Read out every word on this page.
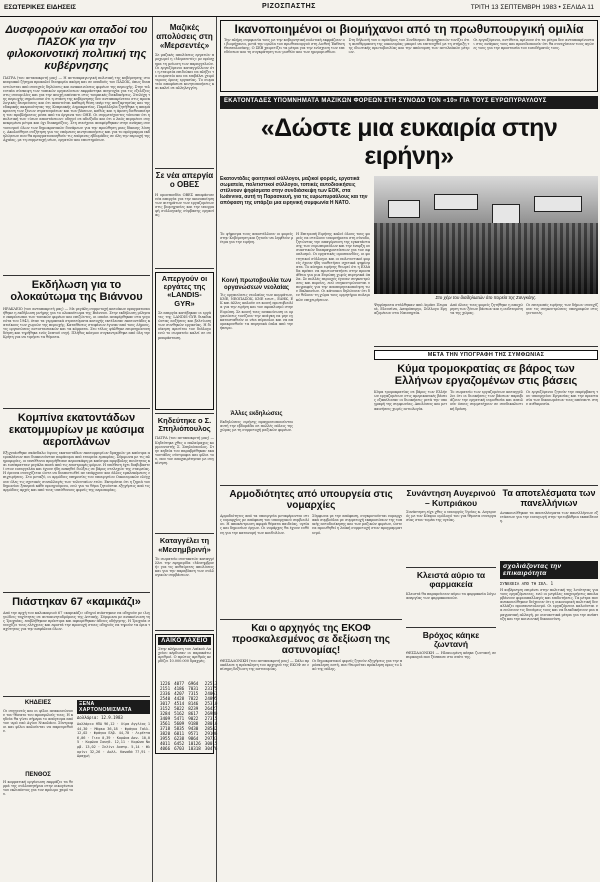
ΕΣΩΤΕΡΙΚΕΣ ΕΙΔΗΣΕΙΣ	ΡΙΖΟΣΠΑΣΤΗΣ	ΤΡΙΤΗ 13 ΣΕΠΤΕΜΒΡΗ 1983 • ΣΕΛΙΔΑ 11
Δυσφορούν και οπαδοί του ΠΑΣΟΚ για την φιλοκοινοτική πολιτική της κυβέρνησης
ΠΑΤΡΑ (του ανταποκριτή μας) — Η αντιπαραγωγική πολιτική της κυβέρνησης στο κυπριακό ζήτημα προκαλεί δυσφορία ακόμη και σε οπαδούς του ΠΑΣΟΚ, όπως διαπιστώνεται από συνεχείς δηλώσεις και ανακοινώσεις φορέων της περιοχής. Στην τελευταία σύσκεψη των τοπικών οργανώσεων εκφράστηκε ανησυχία για τις εξελίξεις στις συνομιλίες και για την ανοχή απέναντι στις τουρκικές διεκδικήσεις. Στελέχη της περιοχής σημείωσαν ότι η στάση της κυβέρνησης δεν ανταποκρίνεται στις προεκλογικές δεσμεύσεις και ότι απαιτείται καθαρή θέση υπέρ της ανεξαρτησίας και της εδαφικής ακεραιότητας της Κυπριακής Δημοκρατίας. Παράλληλα ζητήθηκε η απομάκρυνση των ξένων στρατευμάτων και των βάσεων, καθώς και η άμεση διεθνοποίηση του προβλήματος μέσα από τα όργανα του ΟΗΕ. Οι συμμετέχοντες τόνισαν ότι η πολιτική των «ίσων αποστάσεων» οδηγεί σε αδιέξοδο και ότι ο λαός περιμένει συγκεκριμένα μέτρα και όχι διακηρύξεις. Στη συνέχεια αναφέρθηκαν στην ανάγκη συντονισμού όλων των δημοκρατικών δυνάμεων για την προώθηση μιας δίκαιης λύσης. Ακολούθησε συζήτηση για τις επόμενες κινητοποιήσεις και για το πρόγραμμα εκδηλώσεων που θα πραγματοποιηθούν τις επόμενες εβδομάδες σε όλη την περιοχή της Αχαΐας, με τη συμμετοχή νέων, εργατών και επιστημόνων.
Εκδήλωση για το ολοκαύτωμα της Βιάννου
ΗΡΑΚΛΕΙΟ (του ανταποκριτή μας) — Με μεγάλη συμμετοχή κατοίκων πραγματοποιήθηκε η εκδήλωση μνήμης για το ολοκαύτωμα της Βιάννου. Στην εκδήλωση μίλησαν εκπρόσωποι των τοπικών φορέων και επιζώντες, οι οποίοι αναφέρθηκαν στα γεγονότα του 1943, όταν τα γερμανικά στρατεύματα κατοχής εκτέλεσαν εκατοντάδες κατοίκους των χωριών της περιοχής. Καταθέσεις στεφάνων έγιναν από τους Δήμους, τις οργανώσεις αντιστασιακών και τα κόμματα. Στο τέλος ψάλθηκε επιμνημόσυνη δέηση και τηρήθηκε ενός λεπτού σιγή. Πλήθος κόσμου συγκεντρώθηκε από όλη την Κρήτη για να τιμήσει τα θύματα.
Κομπίνα εκατοντάδων εκατομμυρίων με καύσιμα αεροπλάνων
Εξιχνιάσθηκε σκάνδαλο ύψους εκατοντάδων εκατομμυρίων δραχμών με καύσιμα αεροπλάνων που διακινούνταν παράνομα από εταιρεία εμπορίας. Σύμφωνα με τις πληροφορίες, οι υπεύθυνοι προμήθευαν αεροσκάφη με καύσιμα αμφίβολης ποιότητας και εισέπρατταν μεγάλα ποσά από τις επιστροφές φόρων. Η υπόθεση έχει διαβιβαστεί στον εισαγγελέα και έχουν ήδη ασκηθεί διώξεις σε βάρος στελεχών της εταιρείας. Η έρευνα συνεχίζεται ώστε να διαπιστωθεί αν υπάρχουν και άλλες εμπλεκόμενες επιχειρήσεις. Στο μεταξύ, οι αρμόδιες υπηρεσίες του υπουργείου Οικονομικών ελέγχουν όλες τις σχετικές συναλλαγές των τελευταίων ετών. Εκτιμάται ότι η ζημιά του δημοσίου ξεπερνά κάθε προηγούμενο, ενώ για το θέμα ζητούνται εξηγήσεις από τις αρμόδιες αρχές και από τους υπεύθυνους φορείς της αεροπορίας.
Πιάστηκαν 67 «καμικάζι»
Από την αρχή του καλοκαιριού 67 «καμικάζι» οδηγοί πιάστηκαν να οδηγούν με ιλιγγιώδεις ταχύτητες σε αυτοκινητοδρόμους της Αττικής. Σύμφωνα με ανακοίνωση της Τροχαίας, επιβλήθηκαν πρόστιμα και αφαιρέθηκαν άδειες οδήγησης. Η Τροχαία συνεχίζει τους ελέγχους και εφιστά την προσοχή στους οδηγούς να τηρούν τα όρια ταχύτητας για την ασφάλεια όλων.
ΚΗΔΕΙΕΣ
Οι συγγενείς και οι φίλοι ανακοινώνουν τον θάνατο του προσφιλούς τους. Η κηδεία θα γίνει σήμερα το απόγευμα από τον ιερό ναό Αγίου Νικολάου. Σύντροφοι και φίλοι καλούνται να παρευρεθούν.
ΠΕΝΘΟΣ
Η κομματική οργάνωση εκφράζει τα θερμά της συλλυπητήρια στην οικογένεια του εκλιπόντος για τον πρόωρο χαμό του.
ΞΕΝΑ ΧΑΡΤΟΝΟΜΙΣΜΑΤΑ
Δολλάρια: 12.9.1983
Δολλάριο ΗΠΑ 96,12 · Λίρα Αγγλίας 144,30 · Μάρκο 36,18 · Φράγκο Γαλλ. 12,02 · Φράγκο Ελβ. 44,70 · Λιρέττα 6,06 · Γιεν 0,39 · Κορώνα Δαν. 10,05 · Κορώνα Σουηδ. 12,11 · Κορώνα Νορβ. 13,02 · Σελίνι Αυστρ. 5,14 · Φλορίνι 32,26 · Δολλ. Καναδά 77,91 · Δραχμή
Μαζικές απολύσεις στη «Μερσεντές»
Σε μαζικές απολύσεις εργατών προχωρεί η «Μερσεντές» με πρόσχημα τη μείωση των παραγγελιών. Οι εργαζόμενοι καταγγέλλουν ότι η εταιρεία επιδιώκει να πλήξει το σωματείο και να επιβάλει χειρότερους όρους εργασίας. Το σωματείο αποφάσισε κινητοποιήσεις και καλεί σε αλληλεγγύη.
Σε νέα απεργία ο ΟΒΕΣ
Η ομοσπονδία ΟΒΕΣ αποφάσισε νέα απεργία για την ικανοποίηση των αιτημάτων των εργαζομένων στις βιομηχανίες και την υπογραφή συλλογικής σύμβασης εργασίας.
Απεργούν οι εργάτες της «LANDIS-GYR»
Σε απεργία κατέβηκαν οι εργάτες της LANDIS-GYR διεκδικώντας αυξήσεις και βελτίωση των συνθηκών εργασίας. Η διοίκηση αρνείται τον διάλογο ενώ το σωματείο καλεί σε συμπαράσταση.
Κηδεύτηκε ο Σ. Σπηλιόπουλος
ΠΑΤΡΑ (του ανταποκριτή μας) — Κηδεύτηκε χθες ο παλαίμαχος κομμουνιστής Σ. Σπηλιόπουλος. Στην κηδεία του παραβρέθηκαν εκατοντάδες σύντροφοι και φίλοι του, που τον αποχαιρέτησαν με συγκίνηση.
Καταγγέλει τη «Μεσημβρινή»
Το σωματείο συντακτών καταγγέλλει την εφημερίδα «Μεσημβρινή» για τις αυθαίρετες απολύσεις και για την παραβίαση των συλλογικών συμβάσεων.
ΛΑΪΚΟ ΛΑΧΕΙΟ
Στην κλήρωση του Λαϊκού Λαχείου κέρδισαν οι παρακάτω αριθμοί. Ο πρώτος αριθμός κερδίζει 10.000.000 δραχμές.
1226	4077	6964	22513
2151	4186	7031	23175
2336	4207	7315	24061
2540	4428	7822	24895
3017	4514	8146	25310
3152	5022	8239	26427
3284	5162	8617	26980
3409	5471	9022	27315
3561	5609	9188	28016
3718	5835	9430	28542
3820	6011	9571	29106
3955	6238	9864	29733
4011	6452	10126	30015
4066	6703	10318	30476
Ικανοποιημένοι οι βιομήχανοι από τη πρωθυπουργική ομιλία
Την πλήρη συμφωνία τους με την κυβερνητική πολιτική εκφράζουν οι βιομήχανοι, μετά την ομιλία του πρωθυπουργού στη Διεθνή Έκθεση Θεσσαλονίκης. Ο ΣΕΒ χαιρετίζει τα μέτρα για την ενίσχυση των επενδύσεων και τη συγκράτηση των μισθών και των ημερομισθίων.
Στη δήλωσή του ο πρόεδρος του Συνδέσμου Βιομηχανιών τονίζει ότι η αναθέρμανση της οικονομίας μπορεί να επιτευχθεί με τη στήριξη της ιδιωτικής πρωτοβουλίας και την απόσυρση των αντιλαϊκών μέτρων.
Οι εργαζόμενοι, αντίθετα, κρίνουν ότι τα μέτρα δεν ανταποκρίνονται στις ανάγκες τους και προειδοποιούν ότι θα συνεχίσουν τους αγώνες τους για την προστασία του εισοδήματός τους.
ΕΚΑΤΟΝΤΑΔΕΣ ΥΠΟΜΝΗΜΑΤΑ ΜΑΖΙΚΩΝ ΦΟΡΕΩΝ ΣΤΗ ΣΥΝΟΔΟ ΤΟΝ «10» ΓΙΑ ΤΟΥΣ ΕΥΡΩΠΥΡΑΥΛΟΥΣ
«Δώστε μια ευκαιρία στην ειρήνη»
Εκατοντάδες φοιτητικοί σύλλογοι, μαζικοί φορείς, εργατικά σωματεία, πολιτιστικοί σύλλογοι, τοπικές αυτοδιοικήσεις στέλνουν ψηφίσματα στην συνδιάσκεψη των ΕΟΚ, στα Ιωάννινα, αυτή τη Παρασκευή, για τις ευρωπυραύλους και την απόφαση της υπάρξει μια ειρηνική συμφωνία Η ΝΑΤΟ.
Το ψήφισμα τους αποστέλλουν οι φορείς στην Κυβέρνηση και ζητούν να ληφθούν μέτρα για την ειρήνη.
Κοινή πρωτοβουλία των οργανώσεων νεολαίας
Τις οργανώσεις νεολαίας των κομμάτων, ΚΝΕ, ΝΕΟΠΑΣΟΚ, ΚΝΕ εσωτ., ΕΔΗΚ, ΕΚ και άλλες καλούν σε κοινή πρωτοβουλία για την ειρήνη και τον αφοπλισμό στην Ευρώπη. Σε κοινή τους ανακοίνωση οι οργανώσεις τονίζουν την ανάγκη να μην εγκατασταθούν οι νέοι πύραυλοι και να απομακρυνθούν τα πυρηνικά όπλα από την ήπειρο.
Άλλες εκδηλώσεις
Εκδηλώσεις ειρήνης πραγματοποιούνται αυτή την εβδομάδα σε πολλές πόλεις της χώρας με τη συμμετοχή μαζικών φορέων.
Η Επιτροπή Ειρήνης καλεί όλους τους φορείς να στείλουν υπομνήματα στη σύνοδο, ζητώντας την απαγόρευση της εγκατάστασης των ευρωπυραύλων και την έναρξη ουσιαστικών διαπραγματεύσεων για τον αφοπλισμό. Οι εργατικές ομοσπονδίες, οι φοιτητικοί σύλλογοι και οι πολιτιστικοί φορείς έχουν ήδη υιοθετήσει σχετικά ψηφίσματα. Το κίνημα ειρήνης θεωρεί ότι η Ελλάδα πρέπει να πρωτοστατήσει στην προσπάθεια για μια Ευρώπη χωρίς πυρηνικά όπλα. Σε πολλές περιοχές έγιναν συγκεντρώσεις και πορείες, ενώ συγκεντρώνονται υπογραφές για την αποπυρηνικοποίηση των Βαλκανίων. Οι κάτοικοι δηλώνουν ότι δεν θέλουν τη χώρα τους ορμητήριο πολεμικών επιχειρήσεων.	Στο χέρι του διαδηλωτών ότο πορεία της Σανγκάης.
Ψηφίσματα στάλθηκαν από Λιμάνι Πειραιά, Ελευσίνα, Ασπρόπυργο, Σύλλογο Εργαζομένων στα Ναυπηγεία.
Από όλους τους φορείς ζητήθηκε η αποχώρηση των ξένων βάσεων και η ουδετερότητα της χώρας.
Οι επιτροπές ειρήνης των δήμων συνεχίζουν τις συγκεντρώσεις υπογραφών στις γειτονιές.
ΜΕΤΑ ΤΗΝ ΥΠΟΓΡΑΦΗ ΤΗΣ ΣΥΜΦΩΝΙΑΣ
Κύμα τρομοκρατίας σε βάρος των Ελλήνων εργαζομένων στις βάσεις
Κύμα τρομοκρατίας σε βάρος των Ελλήνων εργαζομένων στις αμερικανικές βάσεις εξαπέλυσαν οι διοικήσεις μετά την υπογραφή της συμφωνίας. Απολύσεις και μετακινήσεις χωρίς αιτιολογία.
Το σωματείο των εργαζομένων καταγγέλλει ότι οι διοικήσεις των βάσεων παραβιάζουν την εργατική νομοθεσία και απειλούν όσους συμμετέχουν σε συνδικαλιστική δράση.
Οι εργαζόμενοι ζητούν την παρέμβαση του υπουργείου Εργασίας και την προστασία των δικαιωμάτων τους απέναντι στην αυθαιρεσία.
Αρμοδιότητες από υπουργεία στις νομαρχίες
Αρμοδιότητες από τα υπουργεία μεταφέρονται στις νομαρχίες με απόφαση του υπουργικού συμβουλίου. Η αποκέντρωση αφορά θέματα παιδείας, υγείας και δημοσίων έργων. Οι νομάρχες θα έχουν ευθύνη για την κατανομή των κονδυλίων.
Σύμφωνα με την απόφαση, συγκροτούνται νομαρχιακά συμβούλια με συμμετοχή εκπροσώπων της τοπικής αυτοδιοίκησης και των μαζικών φορέων, ώστε να προωθηθεί η λαϊκή συμμετοχή στον προγραμματισμό.
Και ο αρχηγός της ΕΚΟΦ προσκαλεσμένος σε δεξίωση της αστυνομίας!
ΘΕΣΣΑΛΟΝΙΚΗ (του ανταποκριτή μας) — Σάλο προκάλεσε η πρόσκληση του αρχηγού της ΕΚΟΦ σε επίσημη δεξίωση της αστυνομίας.
Οι δημοκρατικοί φορείς ζητούν εξηγήσεις για την πρόσκληση αυτή, που θεωρείται πρόκληση προς το λαό της πόλης.
Συνάντηση Αυγερινού – Κυπριάκου
Συνάντηση είχε χθες ο υπουργός Υγείας κ. Αυγερινός με τον Κύπριο ομόλογό του για θέματα συνεργασίας στον τομέα της υγείας.
Κλειστά αύριο τα φαρμακεία
Κλειστά θα παραμείνουν αύριο τα φαρμακεία λόγω απεργίας των φαρμακοποιών.
Βρόχος κάηκε ζωντανή
ΘΕΣΣΑΛΟΝΙΚΗ — Ηλικιωμένη κάηκε ζωντανή σε πυρκαγιά που ξέσπασε στο σπίτι της.
Τα αποτελέσματα των πανελλήνιων
Ανακοινώθηκαν τα αποτελέσματα των πανελλήνιων εξετάσεων για την εισαγωγή στην τριτοβάθμια εκπαίδευση.
σχολιάζοντας την επικαιρότητα
ΣΥΝΕΧΕΙΑ ΑΠΟ ΤΗ ΣΕΛ. 1
Η κυβέρνηση επιμένει στην πολιτική της λιτότητας για τους εργαζόμενους, ενώ οι μεγάλες επιχειρήσεις απολαμβάνουν φοροαπαλλαγές και επιδοτήσεις. Τα μέτρα που ανακοινώθηκαν δείχνουν ότι η οικονομική πολιτική δεν αλλάζει προσανατολισμό. Οι εργαζόμενοι καλούνται να ενώσουν τις δυνάμεις τους και να διεκδικήσουν μια πραγματική αλλαγή, με ουσιαστικά μέτρα για την ανάπτυξη και την κοινωνική δικαιοσύνη.
